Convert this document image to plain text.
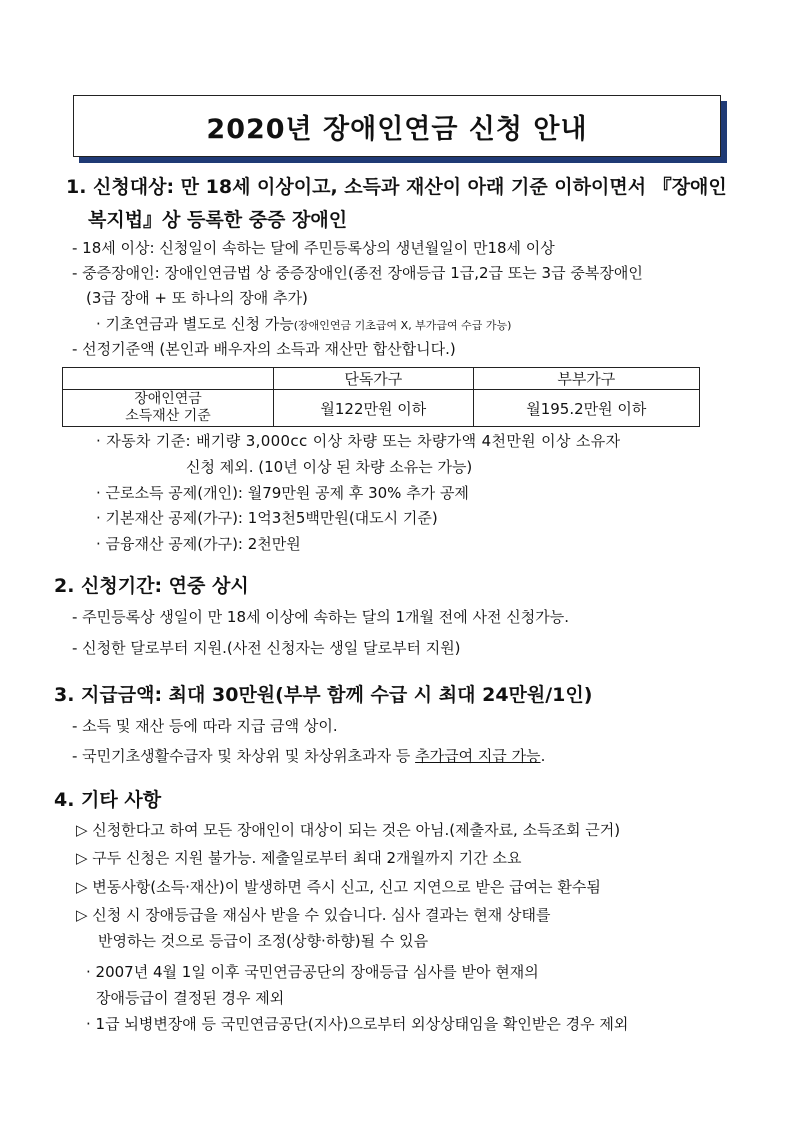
2020년 장애인연금 신청 안내
1. 신청대상: 만 18세 이상이고, 소득과 재산이 아래 기준 이하이면서 『장애인
복지법』상 등록한 중증 장애인
- 18세 이상: 신청일이 속하는 달에 주민등록상의 생년월일이 만18세 이상
- 중증장애인: 장애인연금법 상 중증장애인(종전 장애등급 1급,2급 또는 3급 중복장애인
(3급 장애 + 또 하나의 장애 추가)
· 기초연금과 별도로 신청 가능(장애인연금 기초급여 X, 부가급여 수급 가능)
- 선정기준액 (본인과 배우자의 소득과 재산만 합산합니다.)
	단독가구	부부가구

장애인연금
소득재산 기준	월122만원 이하	월195.2만원 이하
· 자동차 기준: 배기량 3,000cc 이상 차량 또는 차량가액 4천만원 이상 소유자
신청 제외. (10년 이상 된 차량 소유는 가능)
· 근로소득 공제(개인): 월79만원 공제 후 30% 추가 공제
· 기본재산 공제(가구): 1억3천5백만원(대도시 기준)
· 금융재산 공제(가구): 2천만원
2. 신청기간: 연중 상시
- 주민등록상 생일이 만 18세 이상에 속하는 달의 1개월 전에 사전 신청가능.
- 신청한 달로부터 지원.(사전 신청자는 생일 달로부터 지원)
3. 지급금액: 최대 30만원(부부 함께 수급 시 최대 24만원/1인)
- 소득 및 재산 등에 따라 지급 금액 상이.
- 국민기초생활수급자 및 차상위 및 차상위초과자 등 추가급여 지급 가능.
4. 기타 사항
▷ 신청한다고 하여 모든 장애인이 대상이 되는 것은 아님.(제출자료, 소득조회 근거)
▷ 구두 신청은 지원 불가능. 제출일로부터 최대 2개월까지 기간 소요
▷ 변동사항(소득·재산)이 발생하면 즉시 신고, 신고 지연으로 받은 급여는 환수됨
▷ 신청 시 장애등급을 재심사 받을 수 있습니다. 심사 결과는 현재 상태를
반영하는 것으로 등급이 조정(상향·하향)될 수 있음
· 2007년 4월 1일 이후 국민연금공단의 장애등급 심사를 받아 현재의
장애등급이 결정된 경우 제외
· 1급 뇌병변장애 등 국민연금공단(지사)으로부터 외상상태임을 확인받은 경우 제외
